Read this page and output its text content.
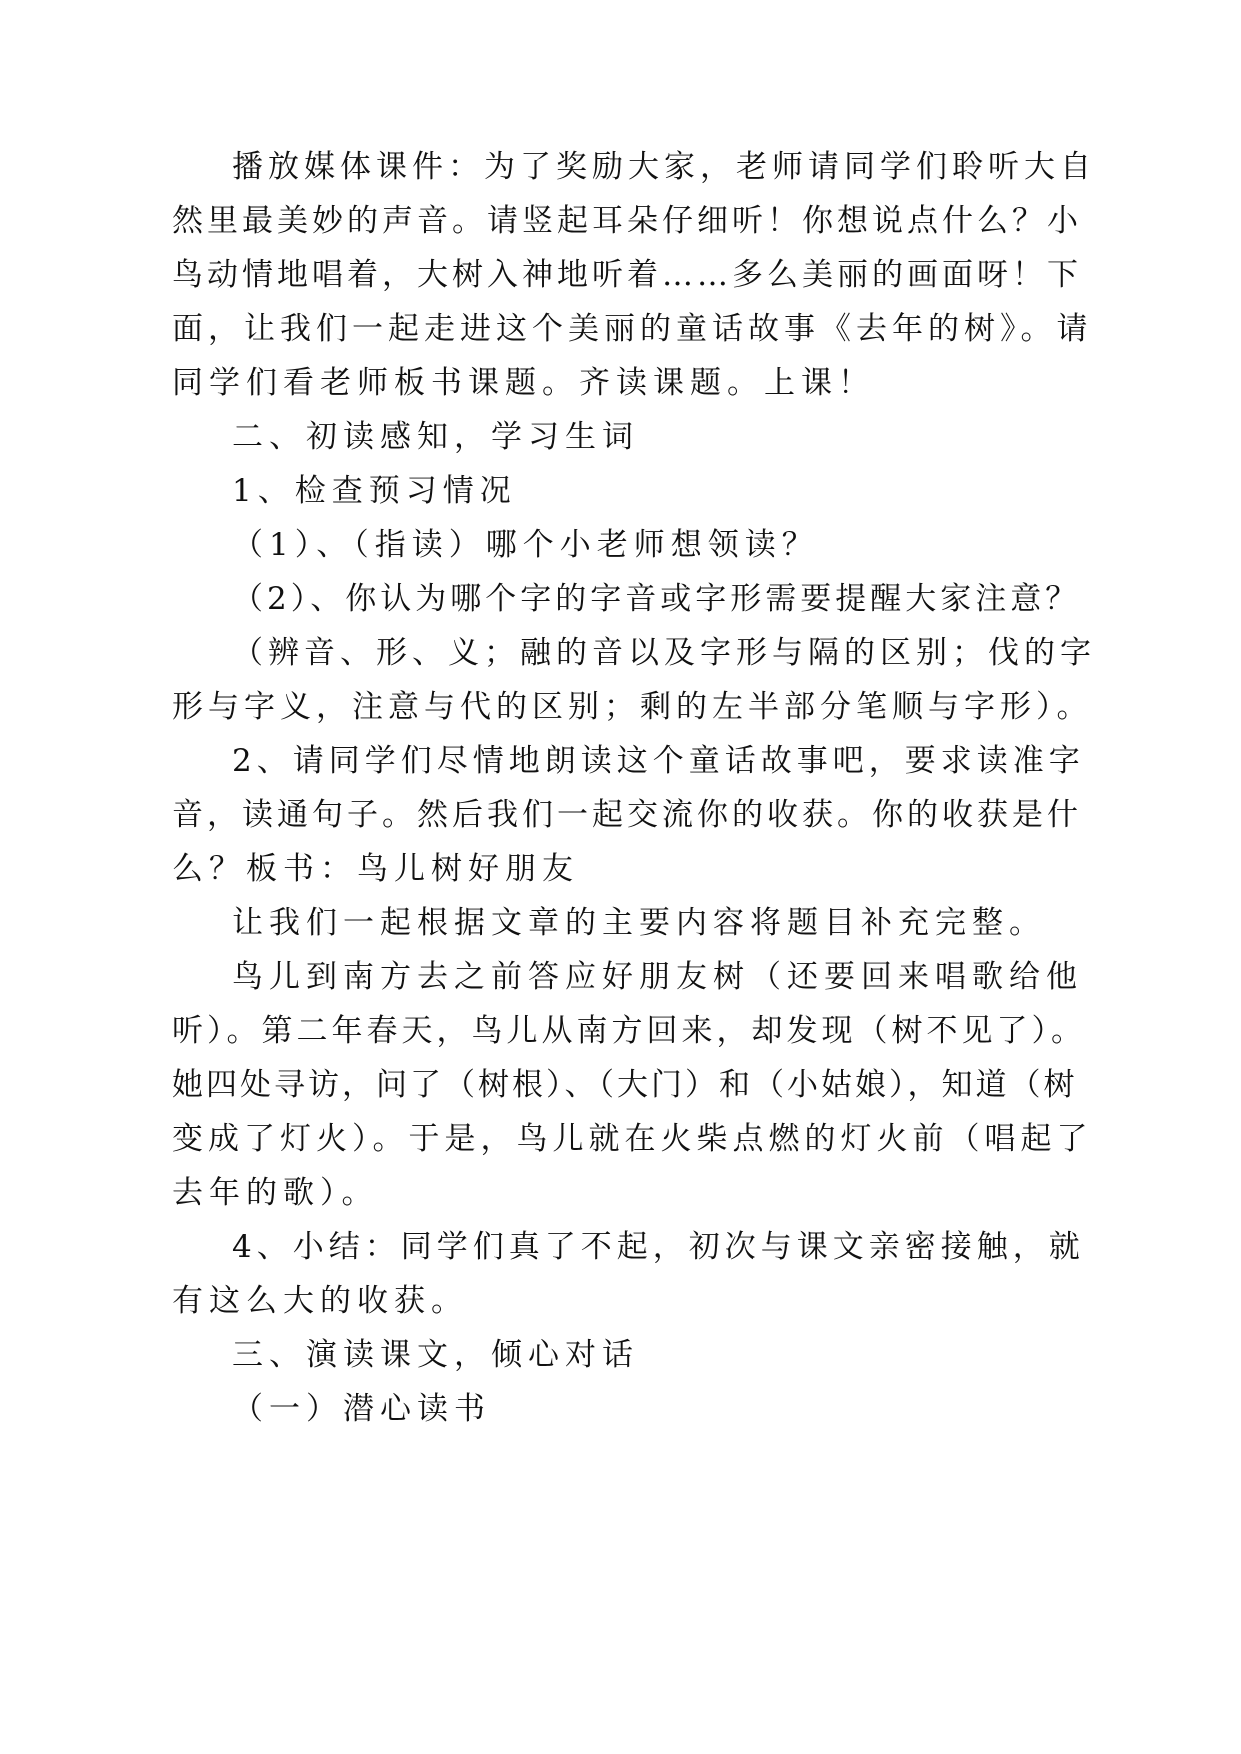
播放媒体课件：为了奖励大家，老师请同学们聆听大自
然里最美妙的声音。请竖起耳朵仔细听！你想说点什么？小
鸟动情地唱着，大树入神地听着……多么美丽的画面呀！下
面，让我们一起走进这个美丽的童话故事《去年的树》。请
同学们看老师板书课题。齐读课题。上课！
二、初读感知，学习生词
1、检查预习情况
（1）、（指读）哪个小老师想领读？
（2）、你认为哪个字的字音或字形需要提醒大家注意？
（辨音、形、义；融的音以及字形与隔的区别；伐的字
形与字义，注意与代的区别；剩的左半部分笔顺与字形）。
2、请同学们尽情地朗读这个童话故事吧，要求读准字
音，读通句子。然后我们一起交流你的收获。你的收获是什
么？板书：鸟儿树好朋友
让我们一起根据文章的主要内容将题目补充完整。
鸟儿到南方去之前答应好朋友树（还要回来唱歌给他
听）。第二年春天，鸟儿从南方回来，却发现（树不见了）。
她四处寻访，问了（树根）、（大门）和（小姑娘），知道（树
变成了灯火）。于是，鸟儿就在火柴点燃的灯火前（唱起了
去年的歌）。
4、小结：同学们真了不起，初次与课文亲密接触，就
有这么大的收获。
三、演读课文，倾心对话
（一）潜心读书
